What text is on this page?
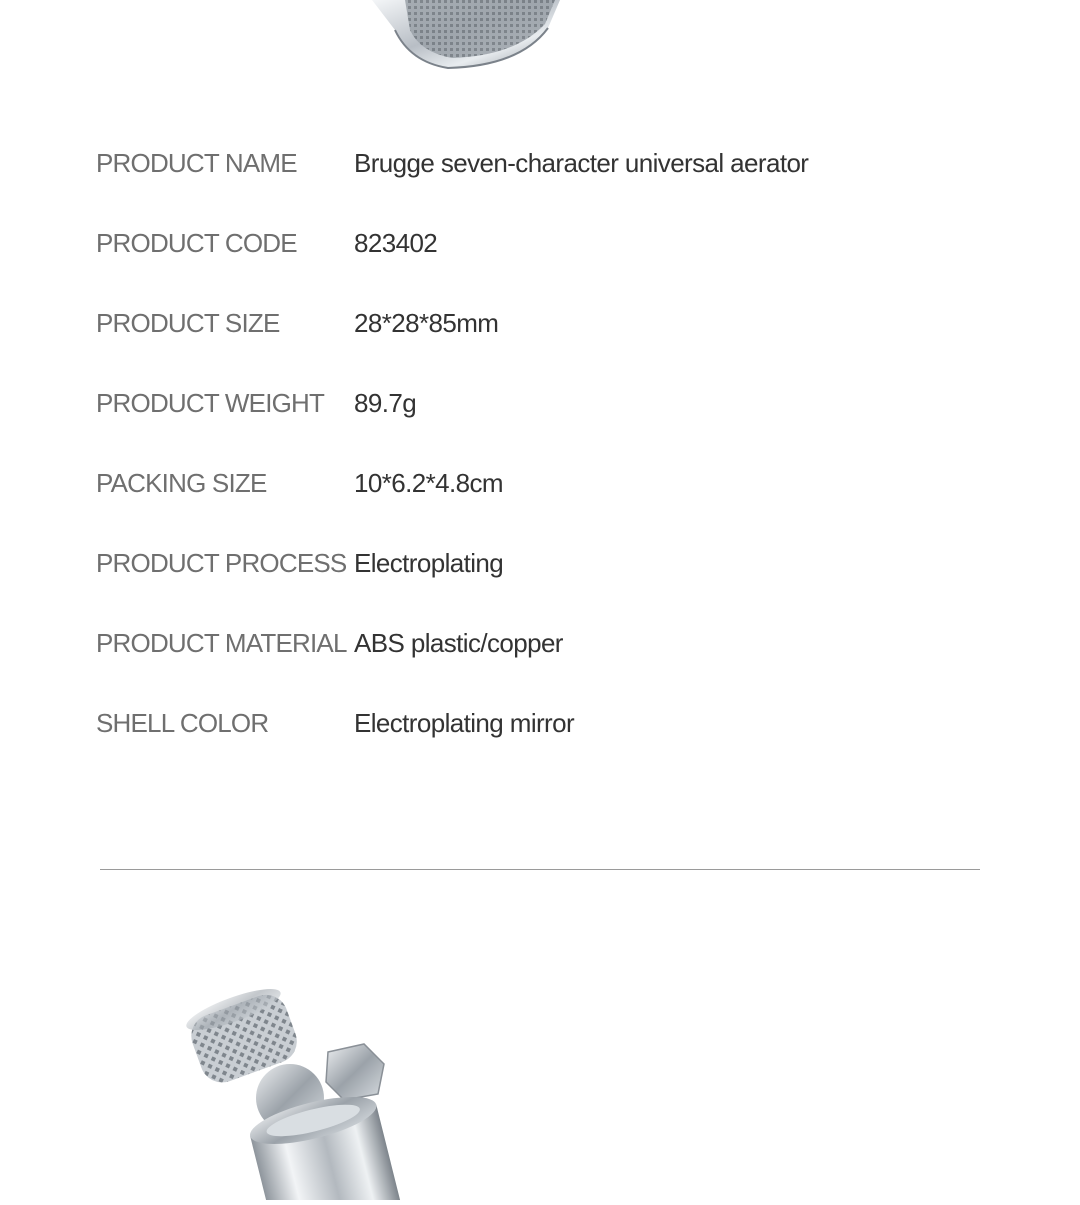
PRODUCT NAME	Brugge seven-character universal aerator
PRODUCT CODE	823402
PRODUCT SIZE	28*28*85mm
PRODUCT WEIGHT	89.7g
PACKING SIZE	10*6.2*4.8cm
PRODUCT PROCESS Electroplating
PRODUCT MATERIAL ABS plastic/copper
SHELL COLOR	Electroplating mirror
